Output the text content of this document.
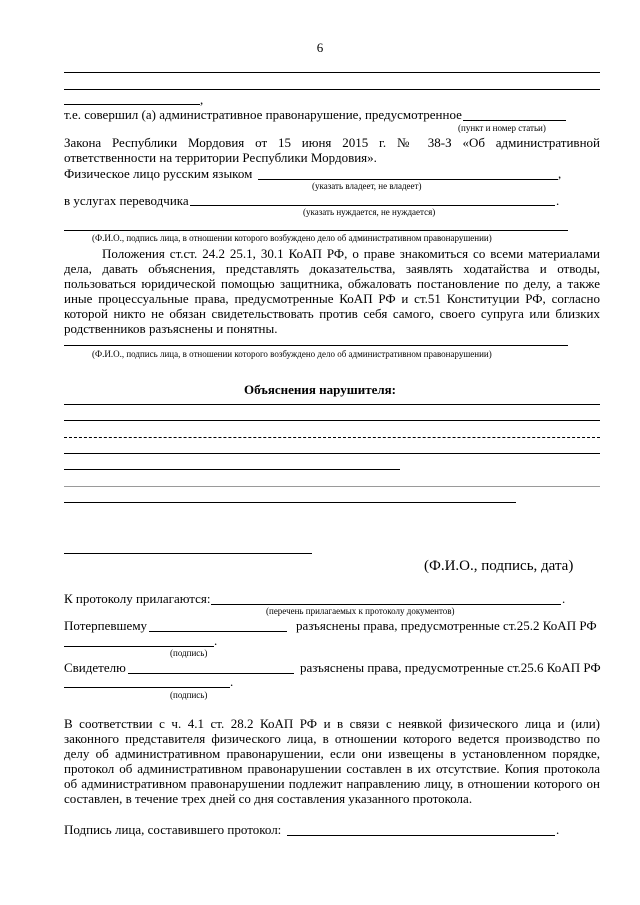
6
,
т.е. совершил (а) административное правонарушение, предусмотренное
(пункт и номер статьи)
Закона Республики Мордовия от 15 июня 2015 г. № 38-З «Об административной ответственности на территории Республики Мордовия».
Физическое лицо русским языком	,
(указать владеет, не владеет)
в услугах переводчика	.
(указать нуждается, не нуждается)
(Ф.И.О., подпись лица, в отношении которого возбуждено дело об административном правонарушении)
Положения ст.ст. 24.2 25.1, 30.1 КоАП РФ, о праве знакомиться со всеми материалами дела, давать объяснения, представлять доказательства, заявлять ходатайства и отводы, пользоваться юридической помощью защитника, обжаловать постановление по делу, а также иные процессуальные права, предусмотренные КоАП РФ и ст.51 Конституции РФ, согласно которой никто не обязан свидетельствовать против себя самого, своего супруга или близких родственников разъяснены и понятны.
(Ф.И.О., подпись лица, в отношении которого возбуждено дело об административном правонарушении)
Объяснения нарушителя:
(Ф.И.О., подпись, дата)
К протоколу прилагаются:	.
(перечень прилагаемых к протоколу документов)
Потерпевшему	разъяснены права, предусмотренные ст.25.2 КоАП РФ
.
(подпись)
Свидетелю	разъяснены права, предусмотренные ст.25.6 КоАП РФ
.
(подпись)
В соответствии с ч. 4.1 ст. 28.2 КоАП РФ и в связи с неявкой физического лица и (или) законного представителя физического лица, в отношении которого ведется производство по делу об административном правонарушении, если они извещены в установленном порядке, протокол об административном правонарушении составлен в их отсутствие. Копия протокола об административном правонарушении подлежит направлению лицу, в отношении которого он составлен, в течение трех дней со дня составления указанного протокола.
Подпись лица, составившего протокол:	.
